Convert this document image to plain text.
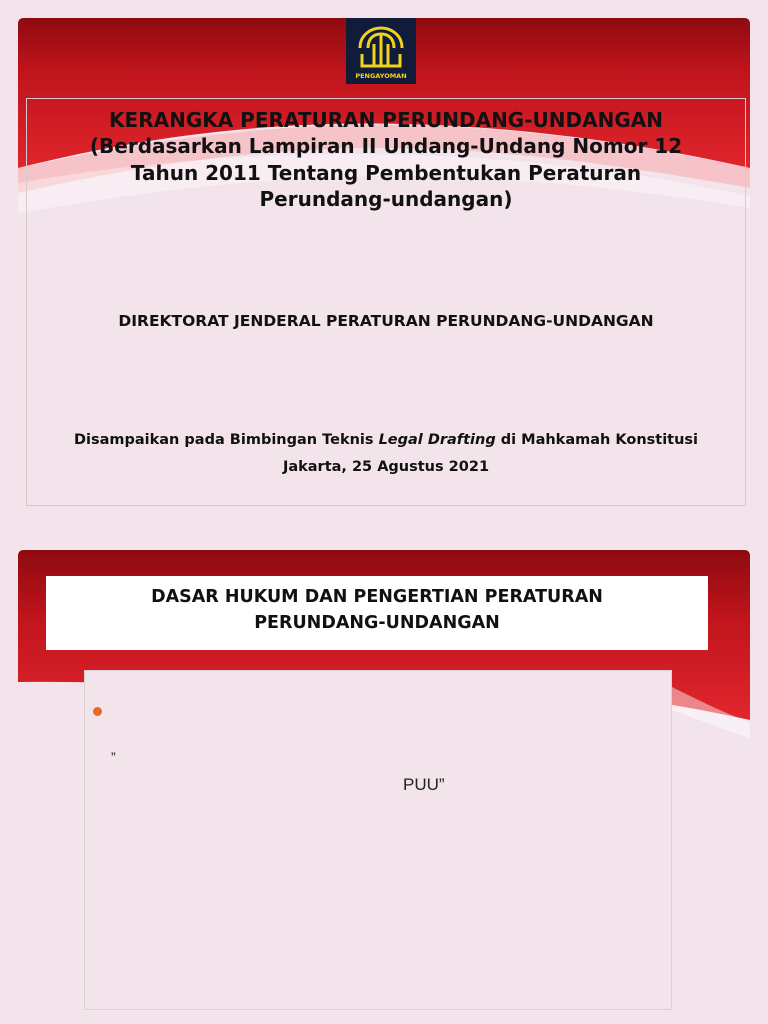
PENGAYOMAN
KERANGKA PERATURAN PERUNDANG-UNDANGAN
(Berdasarkan Lampiran II Undang-Undang Nomor 12
Tahun 2011 Tentang Pembentukan Peraturan
Perundang-undangan)
DIREKTORAT JENDERAL PERATURAN PERUNDANG-UNDANGAN
Disampaikan pada Bimbingan Teknis Legal Drafting di Mahkamah Konstitusi
Jakarta, 25 Agustus 2021
DASAR HUKUM DAN PENGERTIAN PERATURAN
PERUNDANG-UNDANGAN
”
PUU”
